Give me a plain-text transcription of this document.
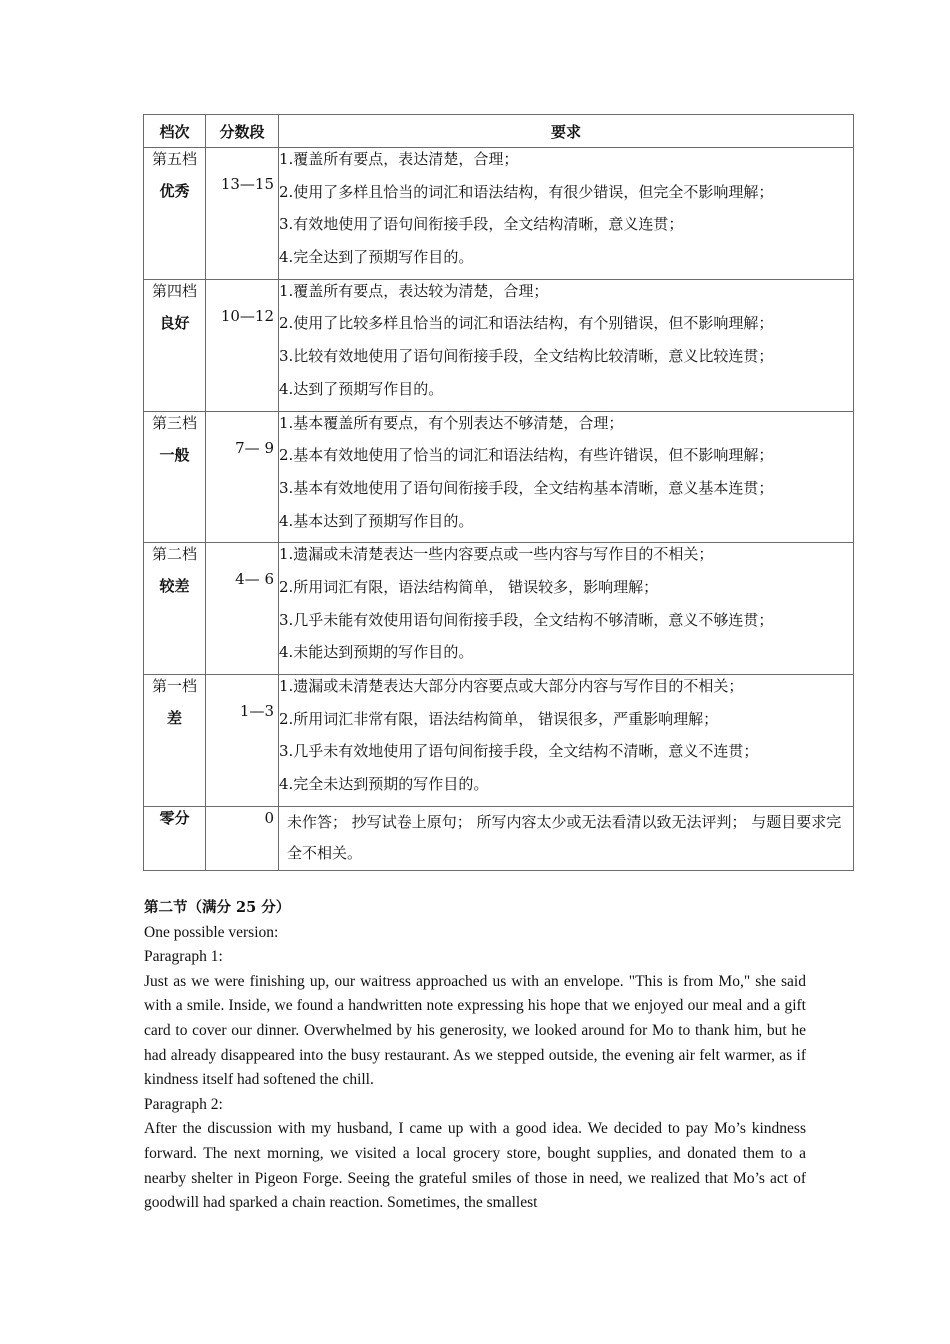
档次	分数段	要求

第五档
优秀	13—15	1.覆盖所有要点，表达清楚，合理；
2.使用了多样且恰当的词汇和语法结构，有很少错误，但完全不影响理解；
3.有效地使用了语句间衔接手段，全文结构清晰，意义连贯；
4.完全达到了预期写作目的。

第四档
良好	10—12	1.覆盖所有要点，表达较为清楚，合理；
2.使用了比较多样且恰当的词汇和语法结构，有个别错误，但不影响理解；
3.比较有效地使用了语句间衔接手段，全文结构比较清晰，意义比较连贯；
4.达到了预期写作目的。

第三档
一般	7— 9	1.基本覆盖所有要点，有个别表达不够清楚，合理；
2.基本有效地使用了恰当的词汇和语法结构，有些许错误，但不影响理解；
3.基本有效地使用了语句间衔接手段，全文结构基本清晰，意义基本连贯；
4.基本达到了预期写作目的。

第二档
较差	4— 6	1.遗漏或未清楚表达一些内容要点或一些内容与写作目的不相关；
2.所用词汇有限，语法结构简单， 错误较多，影响理解；
3.几乎未能有效使用语句间衔接手段，全文结构不够清晰，意义不够连贯；
4.未能达到预期的写作目的。

第一档
差	1—3	1.遗漏或未清楚表达大部分内容要点或大部分内容与写作目的不相关；
2.所用词汇非常有限，语法结构简单， 错误很多，严重影响理解；
3.几乎未有效地使用了语句间衔接手段，全文结构不清晰，意义不连贯；
4.完全未达到预期的写作目的。

零分	0	未作答； 抄写试卷上原句； 所写内容太少或无法看清以致无法评判； 与题目要求完
全不相关。
第二节（满分 25 分）
One possible version:
Paragraph 1:
Just as we were finishing up, our waitress approached us with an envelope. "This is from Mo," she said with a smile. Inside, we found a handwritten note expressing his hope that we enjoyed our meal and a gift card to cover our dinner. Overwhelmed by his generosity, we looked around for Mo to thank him, but he had already disappeared into the busy restaurant. As we stepped outside, the evening air felt warmer, as if kindness itself had softened the chill.
Paragraph 2:
After the discussion with my husband, I came up with a good idea. We decided to pay Mo’s kindness forward. The next morning, we visited a local grocery store, bought supplies, and donated them to a nearby shelter in Pigeon Forge. Seeing the grateful smiles of those in need, we realized that Mo’s act of goodwill had sparked a chain reaction. Sometimes, the smallest
